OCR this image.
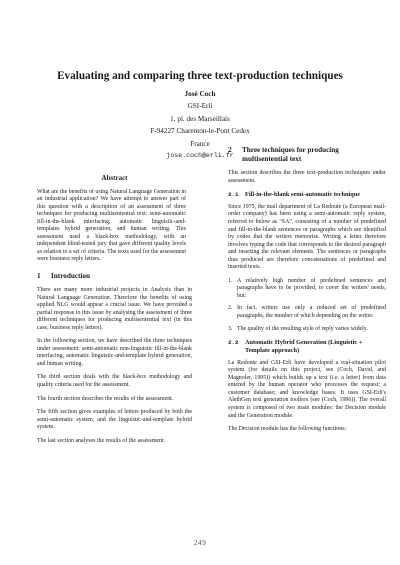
Evaluating and comparing three text-production techniques
José Coch
GSI-Erli
1, pl. des Marseillais
F-94227 Charenton-le-Pont Cedex
France
jose.coch@erli.fr
Abstract

What are the benefits of using Natural Language Generation in an industrial application? We have attempt to answer part of this question with a description of an assessment of three techniques for producing multisentential text: semi-automatic fill-in-the-blank interfacing, automatic linguistic-and-templates hybrid generation, and human writing. This assessment used a black-box methodology, with an independent blind-tested jury that gave different quality levels as relation to a set of criteria. The texts used for the assessment were business reply letters.

1	Introduction

There are many more industrial projects in Analysis than in Natural Language Generation. Therefore the benefits of using applied NLG would appear a crucial issue. We have provided a partial response to this issue by analysing the assessment of three different techniques for producing multisentential text (in this case, business reply letters).

In the following section, we have described the three techniques under assessment: semi-automatic non-linguistic fill-in-the-blank interfacing, automatic linguistic-and-template hybrid generation, and human writing.

The third section deals with the black-box methodology and quality criteria used for the assessment.

The fourth section describes the results of the assessment.

The fifth section gives examples of letters produced by both the semi-automatic system, and the linguistic-and-template hybrid system.

The last section analyses the results of the assessment.

2	Three techniques for producing multisentential text

This section describes the three text-production techniques under assessment.

2.1	Fill-in-the-blank semi-automatic technique

Since 1975, the mail department of La Redoute (a European mail-order company) has been using a semi-automatic reply system, referred to below as "SA", consisting of a number of predefined and fill-in-the-blank sentences or paragraphs which are identified by codes that the writers memorise. Writing a letter therefore involves typing the code that corresponds to the desired paragraph and inserting the relevant elements. The sentences or paragraphs thus produced are therefore concatenations of predefined and inserted texts.

1. A relatively high number of predefined sentences and paragraphs have to be provided, to cover the writers' needs, but:
2. In fact, writers use only a reduced set of predefined paragraphs, the number of which depending on the writer.
3. The quality of the resulting style of reply varies widely.
2.2	Automatic Hybrid Generation (Linguistic + Template approach)

La Redoute and GSI-Erli have developed a real-situation pilot system (for details on this project, see (Coch, David, and Magnoler, 1995)) which builds up a text (i.e. a letter) from data entered by the human operator who processes the request; a customer database; and knowledge bases. It uses GSI-Erli's AlethGen text generation toolbox (see (Coch, 1996)). The overall system is composed of two main modules: the Decision module and the Generation module.

The Decision module has the following functions:

249
